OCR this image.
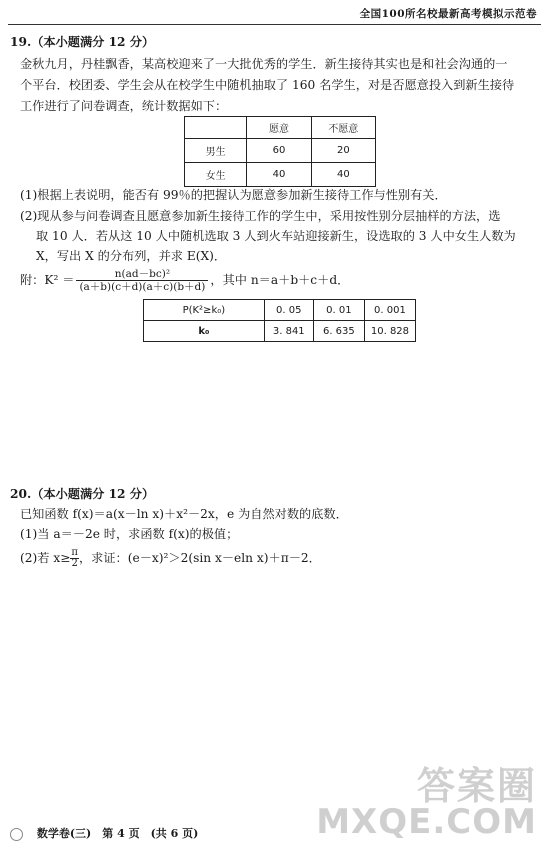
全国100所名校最新高考模拟示范卷
19.（本小题满分 12 分）
金秋九月，丹桂飘香，某高校迎来了一大批优秀的学生．新生接待其实也是和社会沟通的一
个平台．校团委、学生会从在校学生中随机抽取了 160 名学生，对是否愿意投入到新生接待
工作进行了问卷调查，统计数据如下：
	愿意	不愿意
男生	60	20
女生	40	40
(1)根据上表说明，能否有 99％的把握认为愿意参加新生接待工作与性别有关．
(2)现从参与问卷调查且愿意参加新生接待工作的学生中，采用按性别分层抽样的方法，选
取 10 人．若从这 10 人中随机选取 3 人到火车站迎接新生，设选取的 3 人中女生人数为
X，写出 X 的分布列，并求 E(X)．
附：$K^2 = \frac{\text{n(ad－bc)²}}{(a+b)(c+d)(a+c)(b+d)}$ ，其中 n＝a＋b＋c＋d．
P(K²≥k₀)	0. 05	0. 01	0. 001
k₀	3. 841	6. 635	10. 828
20.（本小题满分 12 分）
已知函数 f(x)＝a(x－ln x)＋x²－2x，e 为自然对数的底数．
(1)当 a＝－2e 时，求函数 f(x)的极值；
(2)若 $x\ge \frac{\pi}{2}$ ，求证：(e－x)²＞2(sin x－eln x)＋π－2．
数学卷(三)　第 4 页　(共 6 页)
答案圈
MXQE.COM
